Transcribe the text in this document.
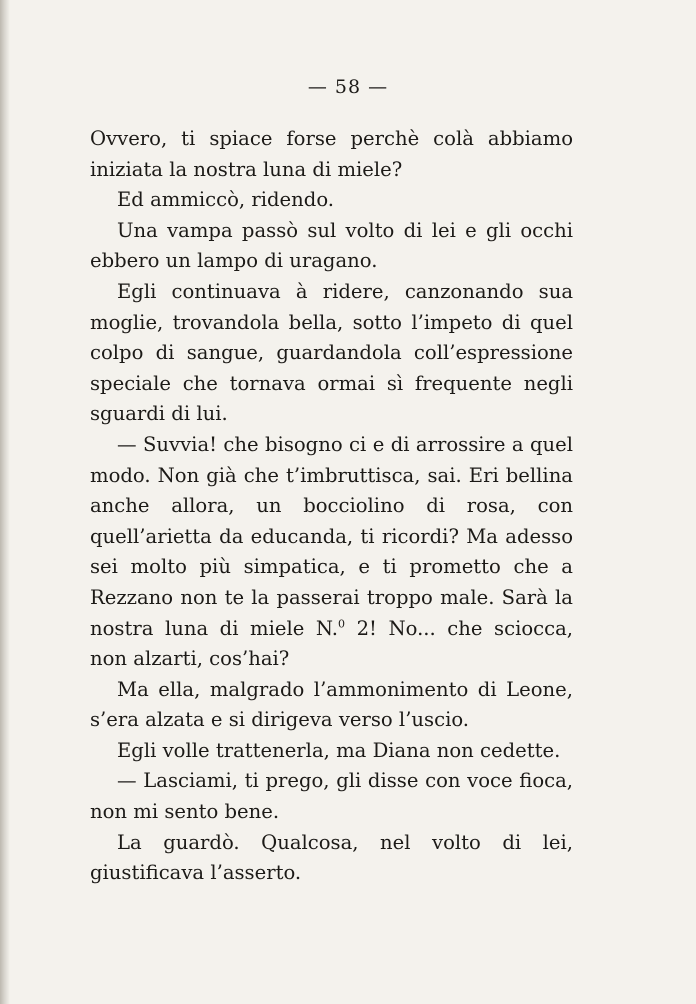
— 58 —

Ovvero, ti spiace forse perchè colà abbiamo iniziata la nostra luna di miele?

Ed ammiccò, ridendo.

Una vampa passò sul volto di lei e gli occhi ebbero un lampo di uragano.

Egli continuava à ridere, canzonando sua moglie, trovandola bella, sotto l’impeto di quel colpo di sangue, guardandola coll’espressione speciale che tornava ormai sì frequente negli sguardi di lui.

— Suvvia! che bisogno ci e di arrossire a quel modo. Non già che t’imbruttisca, sai. Eri bellina anche allora, un bocciolino di rosa, con quell’arietta da educanda, ti ricordi? Ma adesso sei molto più simpatica, e ti prometto che a Rezzano non te la passerai troppo male. Sarà la nostra luna di miele N.$^0$ 2! No... che sciocca, non alzarti, cos’hai?

Ma ella, malgrado l’ammonimento di Leone, s’era alzata e si dirigeva verso l’uscio.

Egli volle trattenerla, ma Diana non cedette.

— Lasciami, ti prego, gli disse con voce fioca, non mi sento bene.

La guardò. Qualcosa, nel volto di lei, giustificava l’asserto.
